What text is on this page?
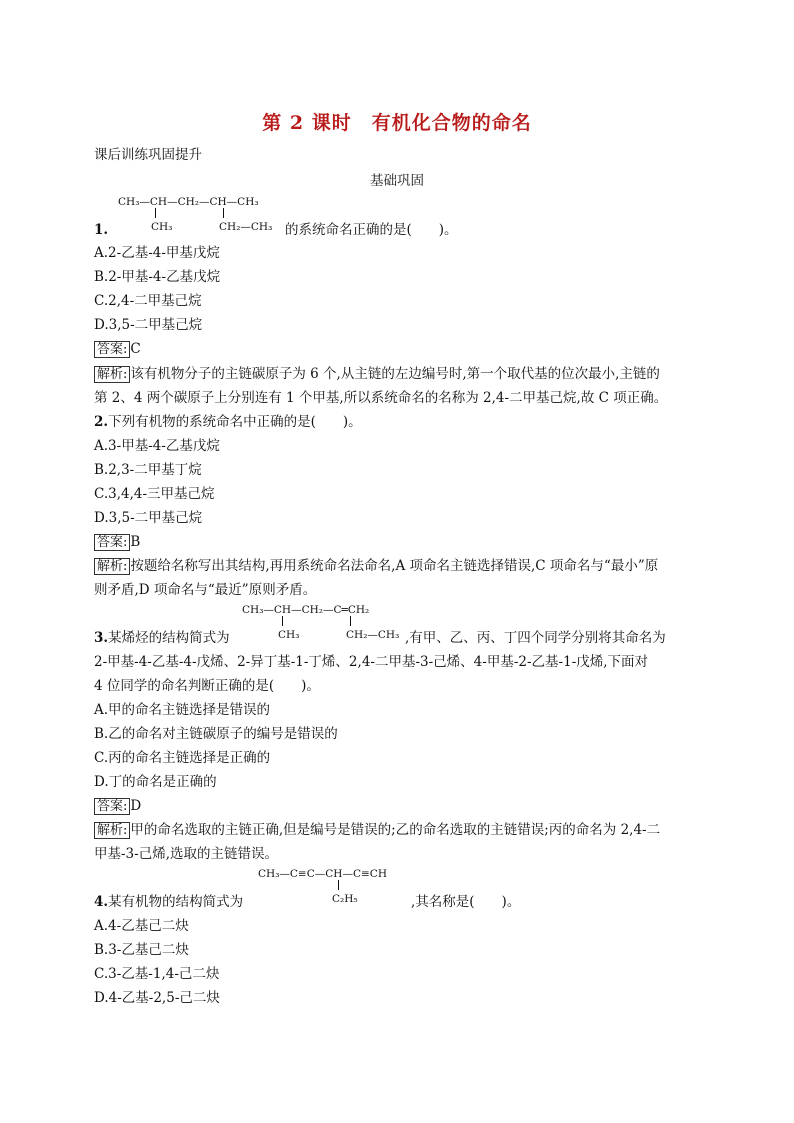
第 2 课时　有机化合物的命名
课后训练巩固提升
基础巩固
CH₃—CH—CH₂—CH—CH₃
CH₃	CH₂—CH₃
1.	的系统命名正确的是(　　)。
A.2-乙基-4-甲基戊烷
B.2-甲基-4-乙基戊烷
C.2,4-二甲基己烷
D.3,5-二甲基己烷
答案: C
解析: 该有机物分子的主链碳原子为 6 个,从主链的左边编号时,第一个取代基的位次最小,主链的
第 2、4 两个碳原子上分别连有 1 个甲基,所以系统命名的名称为 2,4-二甲基己烷,故 C 项正确。
2.下列有机物的系统命名中正确的是(　　)。
A.3-甲基-4-乙基戊烷
B.2,3-二甲基丁烷
C.3,4,4-三甲基己烷
D.3,5-二甲基己烷
答案: B
解析: 按题给名称写出其结构,再用系统命名法命名,A 项命名主链选择错误,C 项命名与“最小”原
则矛盾,D 项命名与“最近”原则矛盾。
CH₃—CH—CH₂—C═CH₂
CH₃	CH₂—CH₃
3.某烯烃的结构简式为	,有甲、乙、丙、丁四个同学分别将其命名为
2-甲基-4-乙基-4-戊烯、2-异丁基-1-丁烯、2,4-二甲基-3-己烯、4-甲基-2-乙基-1-戊烯,下面对
4 位同学的命名判断正确的是(　　)。
A.甲的命名主链选择是错误的
B.乙的命名对主链碳原子的编号是错误的
C.丙的命名主链选择是正确的
D.丁的命名是正确的
答案: D
解析: 甲的命名选取的主链正确,但是编号是错误的;乙的命名选取的主链错误;丙的命名为 2,4-二
甲基-3-己烯,选取的主链错误。
CH₃—C≡C—CH—C≡CH
C₂H₅
4.某有机物的结构简式为	,其名称是(　　)。
A.4-乙基己二炔
B.3-乙基己二炔
C.3-乙基-1,4-己二炔
D.4-乙基-2,5-己二炔
